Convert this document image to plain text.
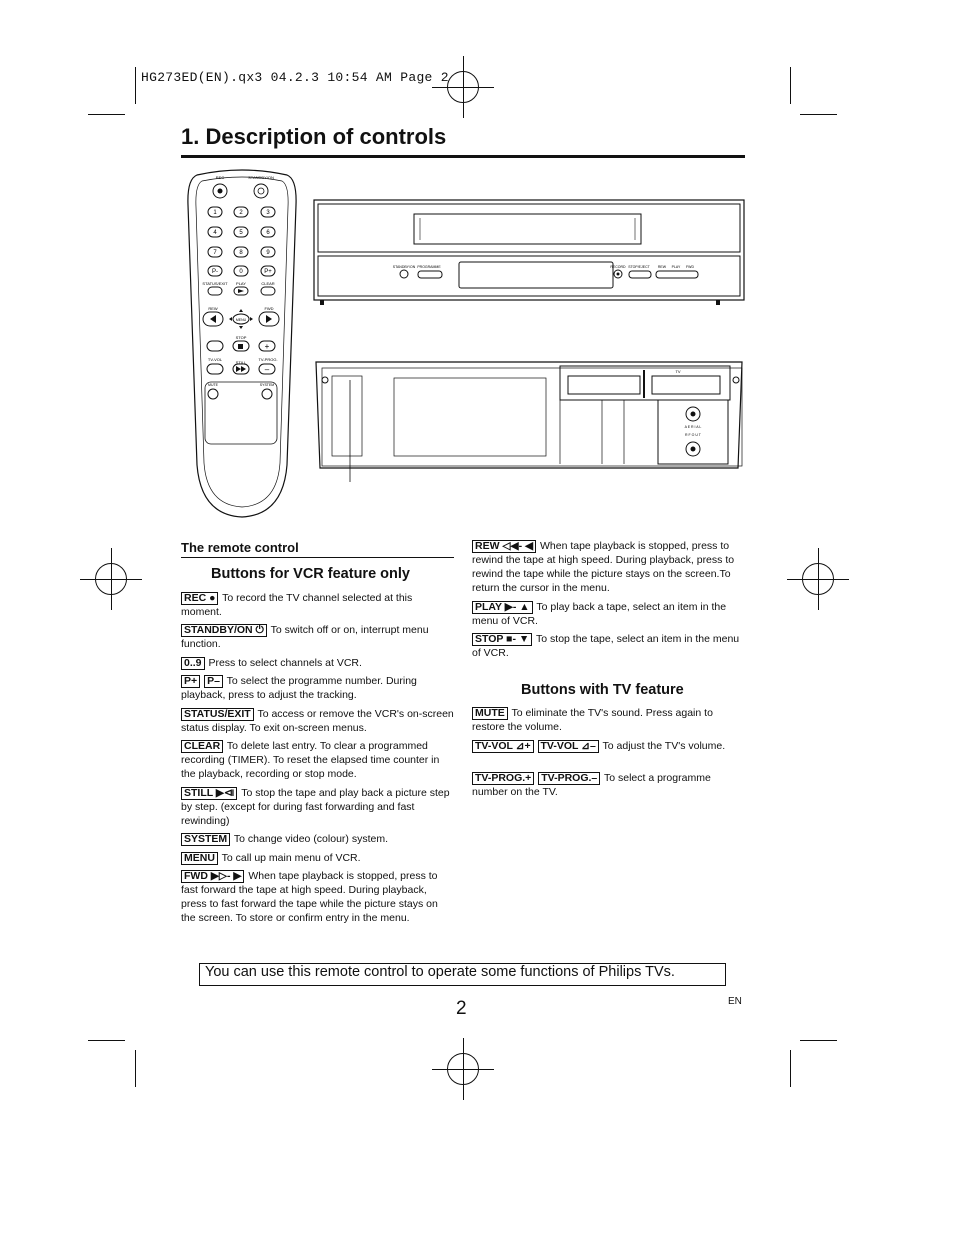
HG273ED(EN).qx3 04.2.3 10:54 AM Page 2
1. Description of controls
REC	STANDBY/ON
1	2	3
4	5	6
7	8	9
P-	0	P+
STATUS/EXIT PLAY	CLEAR
REW	FWD
MENU
STOP
+
TV-VOL
STILL
TV-PROG.
–
MUTE	SYSTEM
STANDBY/ON PROGRAMME	RECORD STOP/EJECT REW PLAY FWD
TV
A E R I A L
R F O U T
The remote control
Buttons for VCR feature only
REC ● To record the TV channel selected at this moment.
STANDBY/ON ⏻ To switch off or on, interrupt menu function.
0..9 Press to select channels at VCR.
P+ P– To select the programme number. During playback, press to adjust the tracking.
STATUS/EXIT To access or remove the VCR's on-screen status display. To exit on-screen menus.
CLEAR To delete last entry. To clear a programmed recording (TIMER). To reset the elapsed time counter in the playback, recording or stop mode.
STILL ▶⧏ To stop the tape and play back a picture step by step. (except for during fast forwarding and fast rewinding)
SYSTEM To change video (colour) system.
MENU To call up main menu of VCR.
FWD ▶▷- ▶ When tape playback is stopped, press to fast forward the tape at high speed. During playback, press to fast forward the tape while the picture stays on the screen. To store or confirm entry in the menu.
REW ◁◀- ◀ When tape playback is stopped, press to rewind the tape at high speed. During playback, press to rewind the tape while the picture stays on the screen.To return the cursor in the menu.
PLAY ▶- ▲ To play back a tape, select an item in the menu of VCR.
STOP ■- ▼ To stop the tape, select an item in the menu of VCR.
Buttons with TV feature
MUTE To eliminate the TV's sound. Press again to restore the volume.
TV-VOL ⊿+ TV-VOL ⊿– To adjust the TV's volume.
TV-PROG.+ TV-PROG.– To select a programme number on the TV.
You can use this remote control to operate some functions of Philips TVs.
2	EN
